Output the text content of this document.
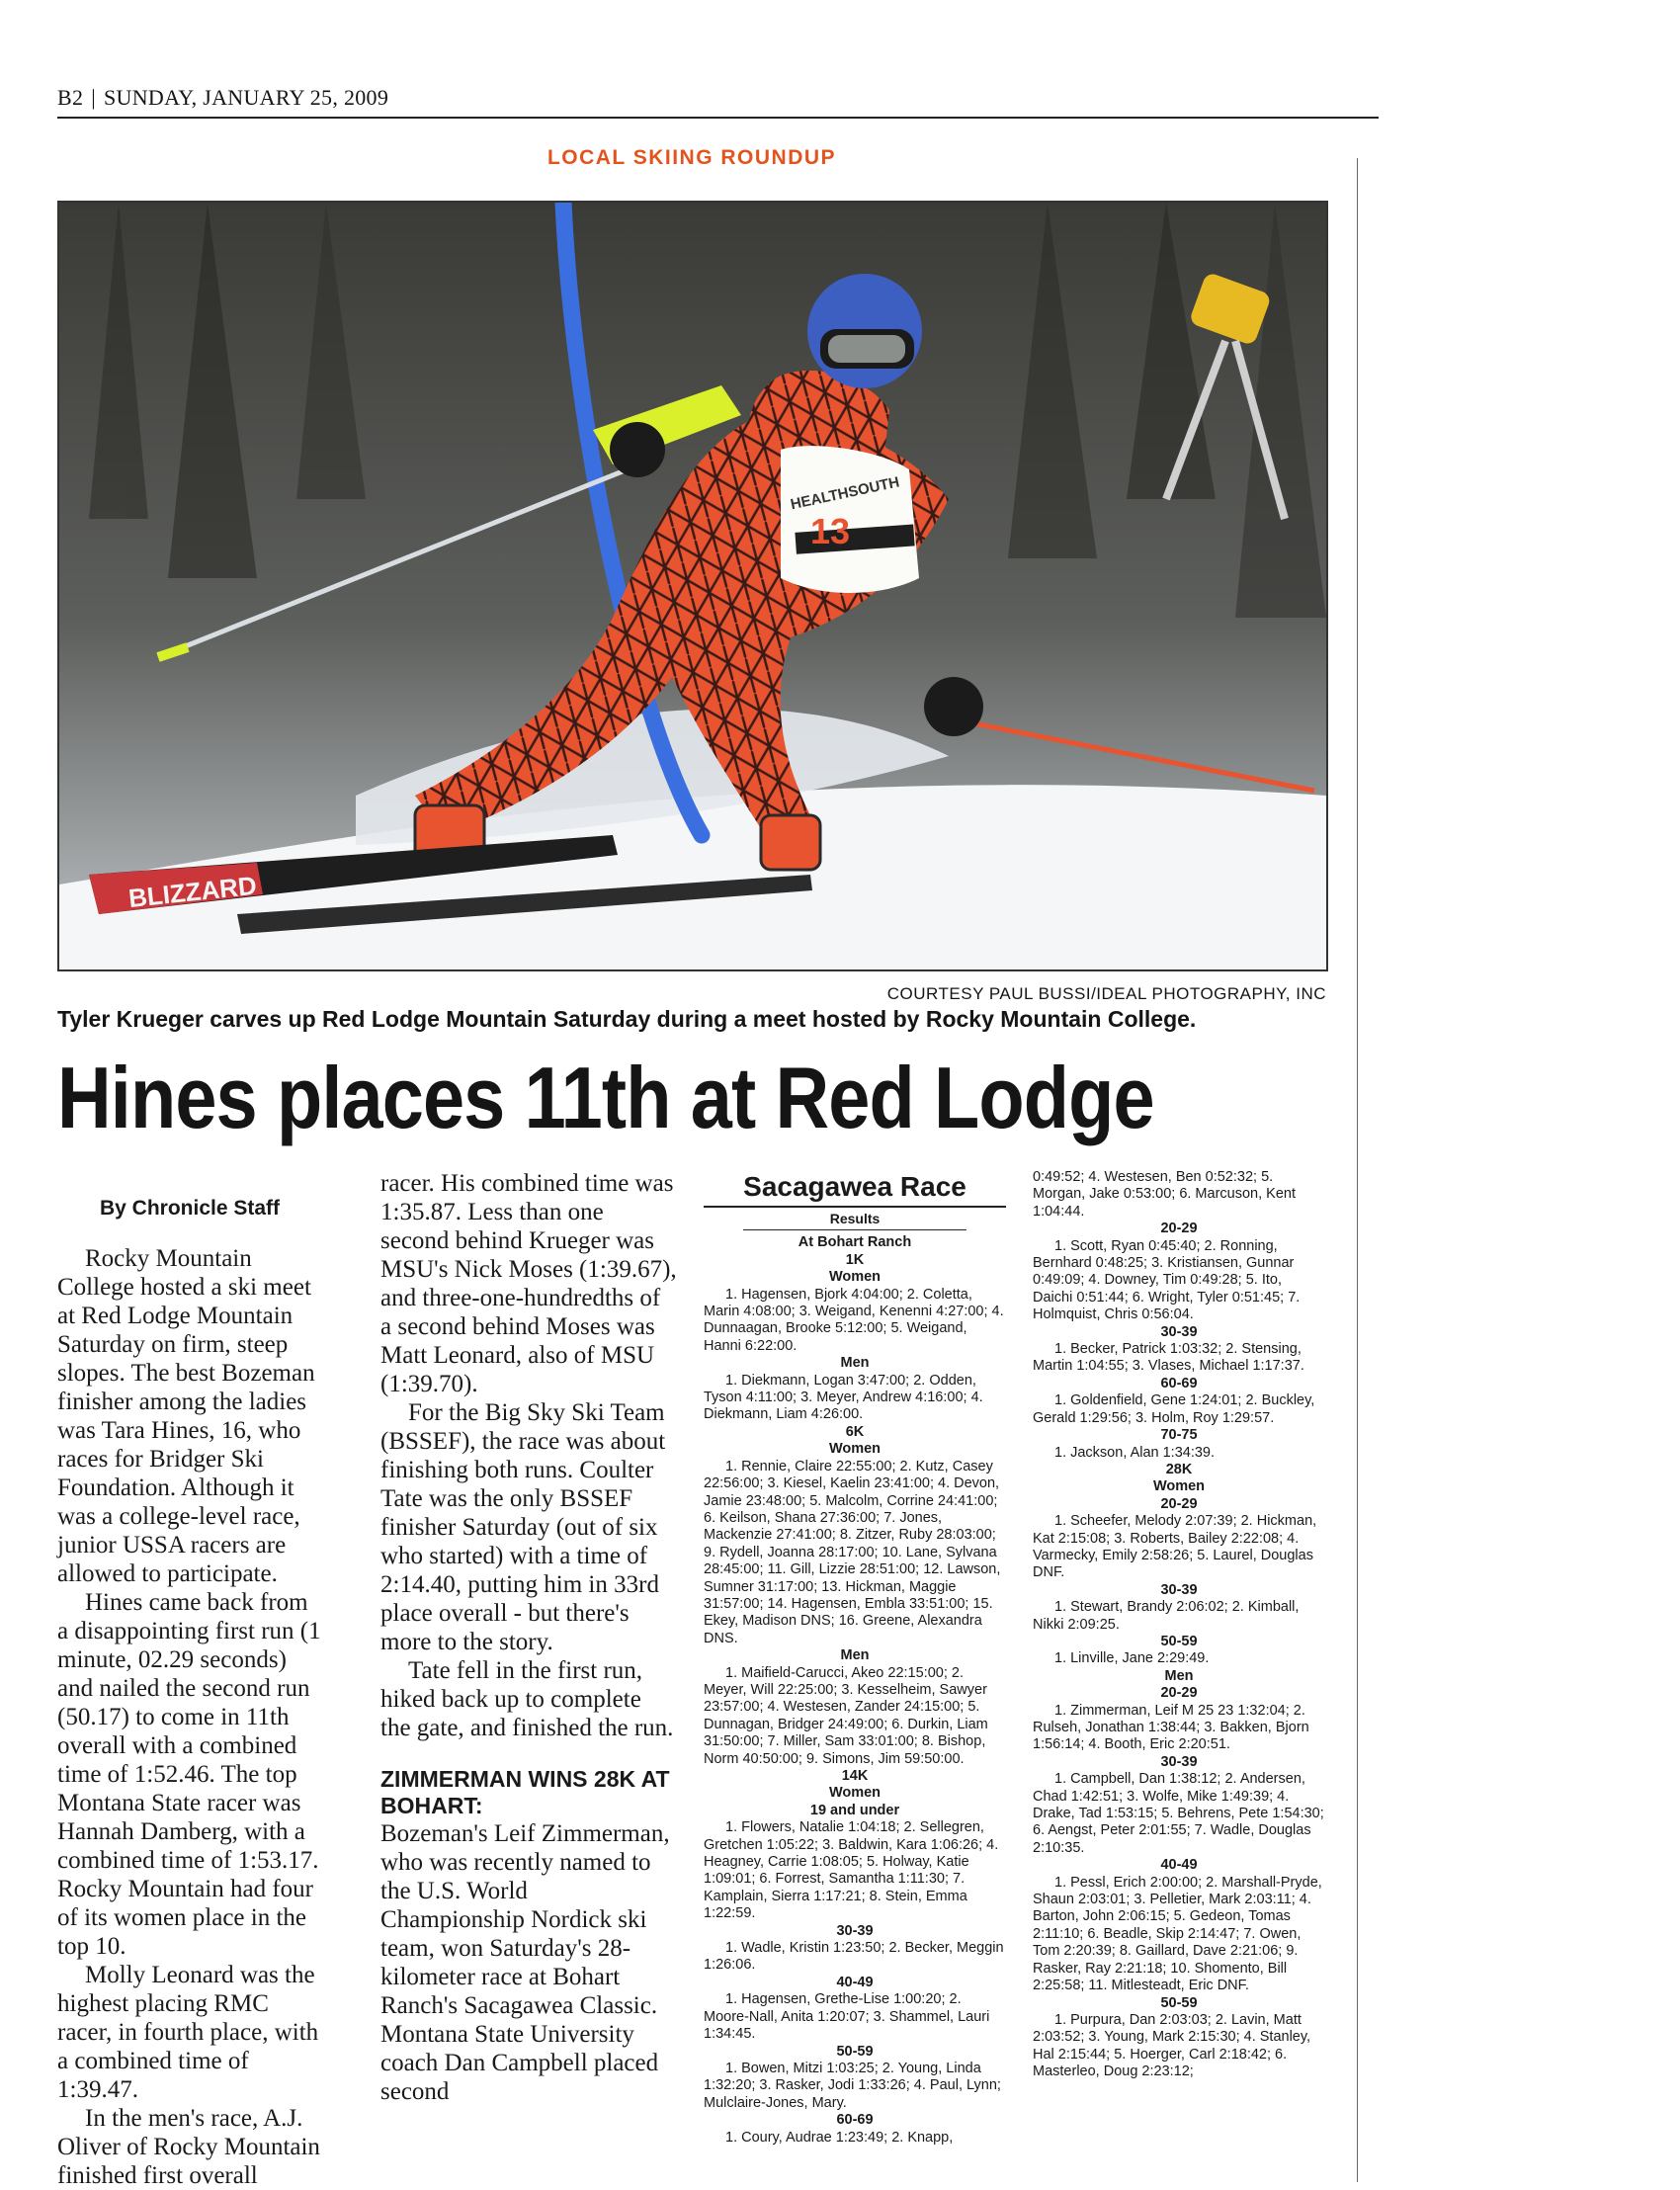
B2 | SUNDAY, JANUARY 25, 2009
LOCAL SKIING ROUNDUP
HEALTHSOUTH
13
BLIZZARD
COURTESY PAUL BUSSI/IDEAL PHOTOGRAPHY, INC
Tyler Krueger carves up Red Lodge Mountain Saturday during a meet hosted by Rocky Mountain College.
Hines places 11th at Red Lodge

By Chronicle Staff

Rocky Mountain College hosted a ski meet at Red Lodge Mountain Saturday on firm, steep slopes. The best Bozeman finisher among the ladies was Tara Hines, 16, who races for Bridger Ski Foundation. Although it was a college-level race, junior USSA racers are allowed to participate.

Hines came back from a disappointing first run (1 minute, 02.29 seconds) and nailed the second run (50.17) to come in 11th overall with a combined time of 1:52.46. The top Montana State racer was Hannah Damberg, with a combined time of 1:53.17. Rocky Mountain had four of its women place in the top 10.

Molly Leonard was the highest placing RMC racer, in fourth place, with a combined time of 1:39.47.

In the men's race, A.J. Oliver of Rocky Mountain finished first overall

racer. His combined time was 1:35.87. Less than one second behind Krueger was MSU's Nick Moses (1:39.67), and three-one-hundredths of a second behind Moses was Matt Leonard, also of MSU (1:39.70).

For the Big Sky Ski Team (BSSEF), the race was about finishing both runs. Coulter Tate was the only BSSEF finisher Saturday (out of six who started) with a time of 2:14.40, putting him in 33rd place overall - but there's more to the story.

Tate fell in the first run, hiked back up to complete the gate, and finished the run.

ZIMMERMAN WINS 28K AT BOHART:

Bozeman's Leif Zimmerman, who was recently named to the U.S. World Championship Nordick ski team, won Saturday's 28-kilometer race at Bohart Ranch's Sacagawea Classic. Montana State University coach Dan Campbell placed second

Sacagawea Race
Results
At Bohart Ranch
1K
Women
1. Hagensen, Bjork 4:04:00; 2. Coletta, Marin 4:08:00; 3. Weigand, Kenenni 4:27:00; 4. Dunnaagan, Brooke 5:12:00; 5. Weigand, Hanni 6:22:00.
Men
1. Diekmann, Logan 3:47:00; 2. Odden, Tyson 4:11:00; 3. Meyer, Andrew 4:16:00; 4. Diekmann, Liam 4:26:00.
6K
Women
1. Rennie, Claire 22:55:00; 2. Kutz, Casey 22:56:00; 3. Kiesel, Kaelin 23:41:00; 4. Devon, Jamie 23:48:00; 5. Malcolm, Corrine 24:41:00; 6. Keilson, Shana 27:36:00; 7. Jones, Mackenzie 27:41:00; 8. Zitzer, Ruby 28:03:00; 9. Rydell, Joanna 28:17:00; 10. Lane, Sylvana 28:45:00; 11. Gill, Lizzie 28:51:00; 12. Lawson, Sumner 31:17:00; 13. Hickman, Maggie 31:57:00; 14. Hagensen, Embla 33:51:00; 15. Ekey, Madison DNS; 16. Greene, Alexandra DNS.
Men
1. Maifield-Carucci, Akeo 22:15:00; 2. Meyer, Will 22:25:00; 3. Kesselheim, Sawyer 23:57:00; 4. Westesen, Zander 24:15:00; 5. Dunnagan, Bridger 24:49:00; 6. Durkin, Liam 31:50:00; 7. Miller, Sam 33:01:00; 8. Bishop, Norm 40:50:00; 9. Simons, Jim 59:50:00.
14K
Women
19 and under
1. Flowers, Natalie 1:04:18; 2. Sellegren, Gretchen 1:05:22; 3. Baldwin, Kara 1:06:26; 4. Heagney, Carrie 1:08:05; 5. Holway, Katie 1:09:01; 6. Forrest, Samantha 1:11:30; 7. Kamplain, Sierra 1:17:21; 8. Stein, Emma 1:22:59.
30-39
1. Wadle, Kristin 1:23:50; 2. Becker, Meggin 1:26:06.
40-49
1. Hagensen, Grethe-Lise 1:00:20; 2. Moore-Nall, Anita 1:20:07; 3. Shammel, Lauri 1:34:45.
50-59
1. Bowen, Mitzi 1:03:25; 2. Young, Linda 1:32:20; 3. Rasker, Jodi 1:33:26; 4. Paul, Lynn; Mulclaire-Jones, Mary.
60-69
1. Coury, Audrae 1:23:49; 2. Knapp,
0:49:52; 4. Westesen, Ben 0:52:32; 5. Morgan, Jake 0:53:00; 6. Marcuson, Kent 1:04:44.
20-29
1. Scott, Ryan 0:45:40; 2. Ronning, Bernhard 0:48:25; 3. Kristiansen, Gunnar 0:49:09; 4. Downey, Tim 0:49:28; 5. Ito, Daichi 0:51:44; 6. Wright, Tyler 0:51:45; 7. Holmquist, Chris 0:56:04.
30-39
1. Becker, Patrick 1:03:32; 2. Stensing, Martin 1:04:55; 3. Vlases, Michael 1:17:37.
60-69
1. Goldenfield, Gene 1:24:01; 2. Buckley, Gerald 1:29:56; 3. Holm, Roy 1:29:57.
70-75
1. Jackson, Alan 1:34:39.
28K
Women
20-29
1. Scheefer, Melody 2:07:39; 2. Hickman, Kat 2:15:08; 3. Roberts, Bailey 2:22:08; 4. Varmecky, Emily 2:58:26; 5. Laurel, Douglas DNF.
30-39
1. Stewart, Brandy 2:06:02; 2. Kimball, Nikki 2:09:25.
50-59
1. Linville, Jane 2:29:49.
Men
20-29
1. Zimmerman, Leif M 25 23 1:32:04; 2. Rulseh, Jonathan 1:38:44; 3. Bakken, Bjorn 1:56:14; 4. Booth, Eric 2:20:51.
30-39
1. Campbell, Dan 1:38:12; 2. Andersen, Chad 1:42:51; 3. Wolfe, Mike 1:49:39; 4. Drake, Tad 1:53:15; 5. Behrens, Pete 1:54:30; 6. Aengst, Peter 2:01:55; 7. Wadle, Douglas 2:10:35.
40-49
1. Pessl, Erich 2:00:00; 2. Marshall-Pryde, Shaun 2:03:01; 3. Pelletier, Mark 2:03:11; 4. Barton, John 2:06:15; 5. Gedeon, Tomas 2:11:10; 6. Beadle, Skip 2:14:47; 7. Owen, Tom 2:20:39; 8. Gaillard, Dave 2:21:06; 9. Rasker, Ray 2:21:18; 10. Shomento, Bill 2:25:58; 11. Mitlesteadt, Eric DNF.
50-59
1. Purpura, Dan 2:03:03; 2. Lavin, Matt 2:03:52; 3. Young, Mark 2:15:30; 4. Stanley, Hal 2:15:44; 5. Hoerger, Carl 2:18:42; 6. Masterleo, Doug 2:23:12;
